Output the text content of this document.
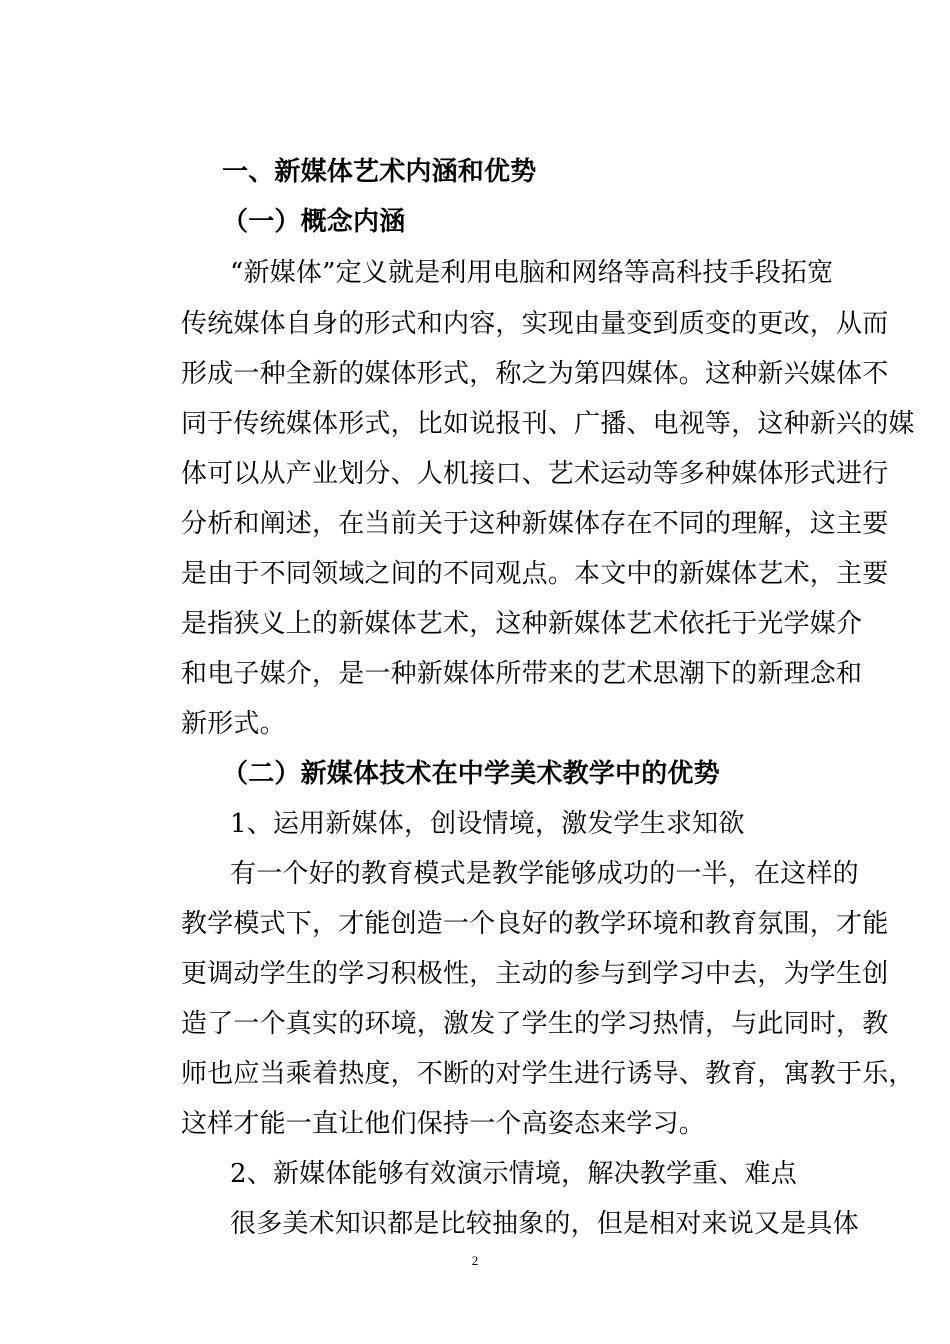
一、新媒体艺术内涵和优势
（一）概念内涵
“新媒体”定义就是利用电脑和网络等高科技手段拓宽
传统媒体自身的形式和内容，实现由量变到质变的更改，从而
形成一种全新的媒体形式，称之为第四媒体。这种新兴媒体不
同于传统媒体形式，比如说报刊、广播、电视等，这种新兴的媒
体可以从产业划分、人机接口、艺术运动等多种媒体形式进行
分析和阐述，在当前关于这种新媒体存在不同的理解，这主要
是由于不同领域之间的不同观点。本文中的新媒体艺术，主要
是指狭义上的新媒体艺术，这种新媒体艺术依托于光学媒介
和电子媒介，是一种新媒体所带来的艺术思潮下的新理念和
新形式。
（二）新媒体技术在中学美术教学中的优势
1、运用新媒体，创设情境，激发学生求知欲
有一个好的教育模式是教学能够成功的一半，在这样的
教学模式下，才能创造一个良好的教学环境和教育氛围，才能
更调动学生的学习积极性，主动的参与到学习中去，为学生创
造了一个真实的环境，激发了学生的学习热情，与此同时，教
师也应当乘着热度，不断的对学生进行诱导、教育，寓教于乐，
这样才能一直让他们保持一个高姿态来学习。
2、新媒体能够有效演示情境，解决教学重、难点
很多美术知识都是比较抽象的，但是相对来说又是具体
2
